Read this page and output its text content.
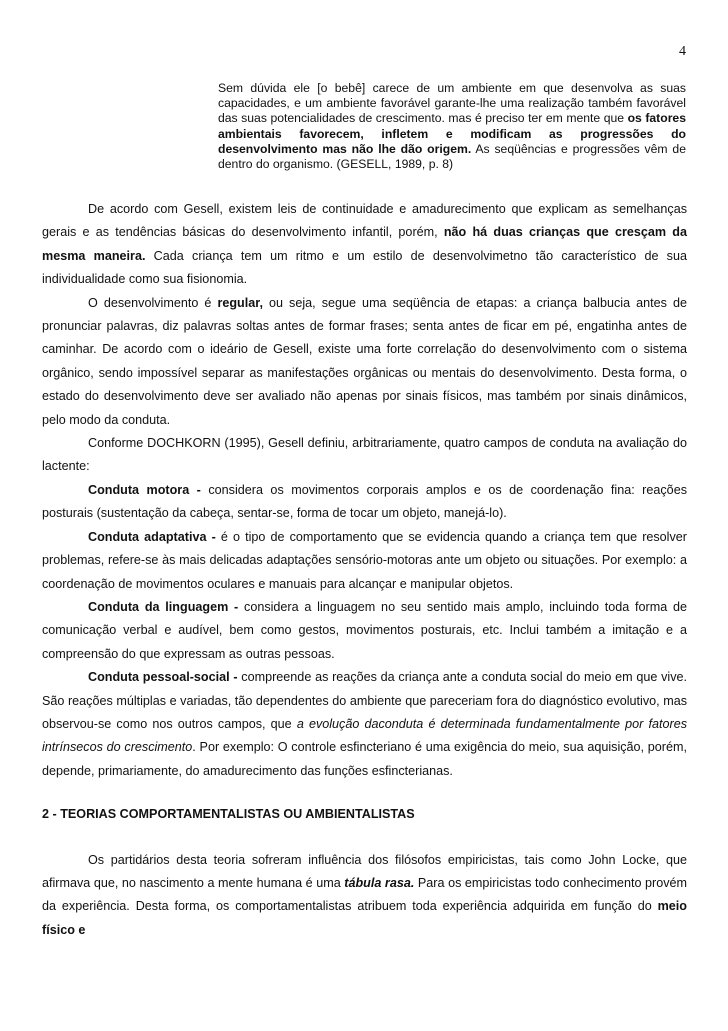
4
Sem dúvida ele [o bebê] carece de um ambiente em que desenvolva as suas capacidades, e um ambiente favorável garante-lhe uma realização também favorável das suas potencialidades de crescimento. mas é preciso ter em mente que os fatores ambientais favorecem, infletem e modificam as progressões do desenvolvimento mas não lhe dão origem. As seqüências e progressões vêm de dentro do organismo. (GESELL, 1989, p. 8)

De acordo com Gesell, existem leis de continuidade e amadurecimento que explicam as semelhanças gerais e as tendências básicas do desenvolvimento infantil, porém, não há duas crianças que cresçam da mesma maneira. Cada criança tem um ritmo e um estilo de desenvolvimetno tão característico de sua individualidade como sua fisionomia.

O desenvolvimento é regular, ou seja, segue uma seqüência de etapas: a criança balbucia antes de pronunciar palavras, diz palavras soltas antes de formar frases; senta antes de ficar em pé, engatinha antes de caminhar. De acordo com o ideário de Gesell, existe uma forte correlação do desenvolvimento com o sistema orgânico, sendo impossível separar as manifestações orgânicas ou mentais do desenvolvimento. Desta forma, o estado do desenvolvimento deve ser avaliado não apenas por sinais físicos, mas também por sinais dinâmicos, pelo modo da conduta.

Conforme DOCHKORN (1995), Gesell definiu, arbitrariamente, quatro campos de conduta na avaliação do lactente:

Conduta motora - considera os movimentos corporais amplos e os de coordenação fina: reações posturais (sustentação da cabeça, sentar-se, forma de tocar um objeto, manejá-lo).

Conduta adaptativa - é o tipo de comportamento que se evidencia quando a criança tem que resolver problemas, refere-se às mais delicadas adaptações sensório-motoras ante um objeto ou situações. Por exemplo: a coordenação de movimentos oculares e manuais para alcançar e manipular objetos.

Conduta da linguagem - considera a linguagem no seu sentido mais amplo, incluindo toda forma de comunicação verbal e audível, bem como gestos, movimentos posturais, etc. Inclui também a imitação e a compreensão do que expressam as outras pessoas.

Conduta pessoal-social - compreende as reações da criança ante a conduta social do meio em que vive. São reações múltiplas e variadas, tão dependentes do ambiente que pareceriam fora do diagnóstico evolutivo, mas observou-se como nos outros campos, que a evolução daconduta é determinada fundamentalmente por fatores intrínsecos do crescimento. Por exemplo: O controle esfincteriano é uma exigência do meio, sua aquisição, porém, depende, primariamente, do amadurecimento das funções esfincterianas.

2 - TEORIAS COMPORTAMENTALISTAS OU AMBIENTALISTAS

Os partidários desta teoria sofreram influência dos filósofos empiricistas, tais como John Locke, que afirmava que, no nascimento a mente humana é uma tábula rasa. Para os empiricistas todo conhecimento provém da experiência. Desta forma, os comportamentalistas atribuem toda experiência adquirida em função do meio físico e
